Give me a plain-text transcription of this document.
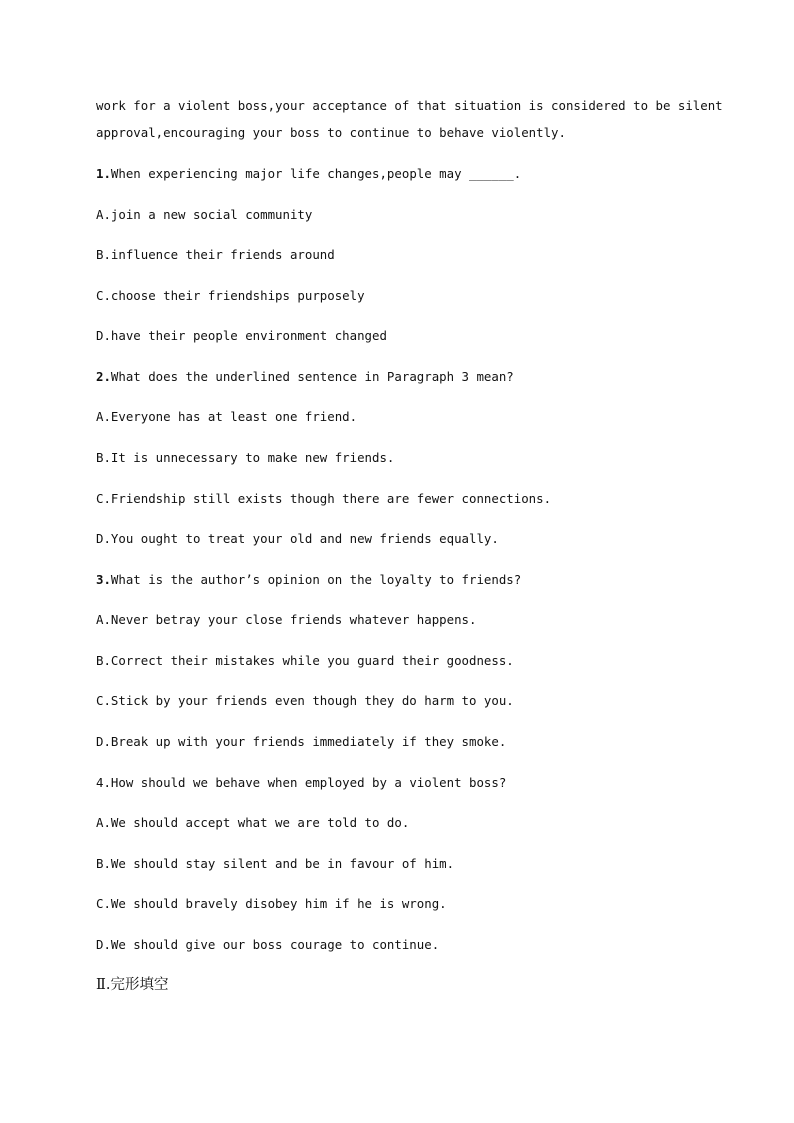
work for a violent boss,your acceptance of that situation is considered to be silent
approval,encouraging your boss to continue to behave violently.
1.When experiencing major life changes,people may ______.
A.join a new social community
B.influence their friends around
C.choose their friendships purposely
D.have their people environment changed
2.What does the underlined sentence in Paragraph 3 mean?
A.Everyone has at least one friend.
B.It is unnecessary to make new friends.
C.Friendship still exists though there are fewer connections.
D.You ought to treat your old and new friends equally.
3.What is the author’s opinion on the loyalty to friends?
A.Never betray your close friends whatever happens.
B.Correct their mistakes while you guard their goodness.
C.Stick by your friends even though they do harm to you.
D.Break up with your friends immediately if they smoke.
4.How should we behave when employed by a violent boss?
A.We should accept what we are told to do.
B.We should stay silent and be in favour of him.
C.We should bravely disobey him if he is wrong.
D.We should give our boss courage to continue.
Ⅱ.完形填空
